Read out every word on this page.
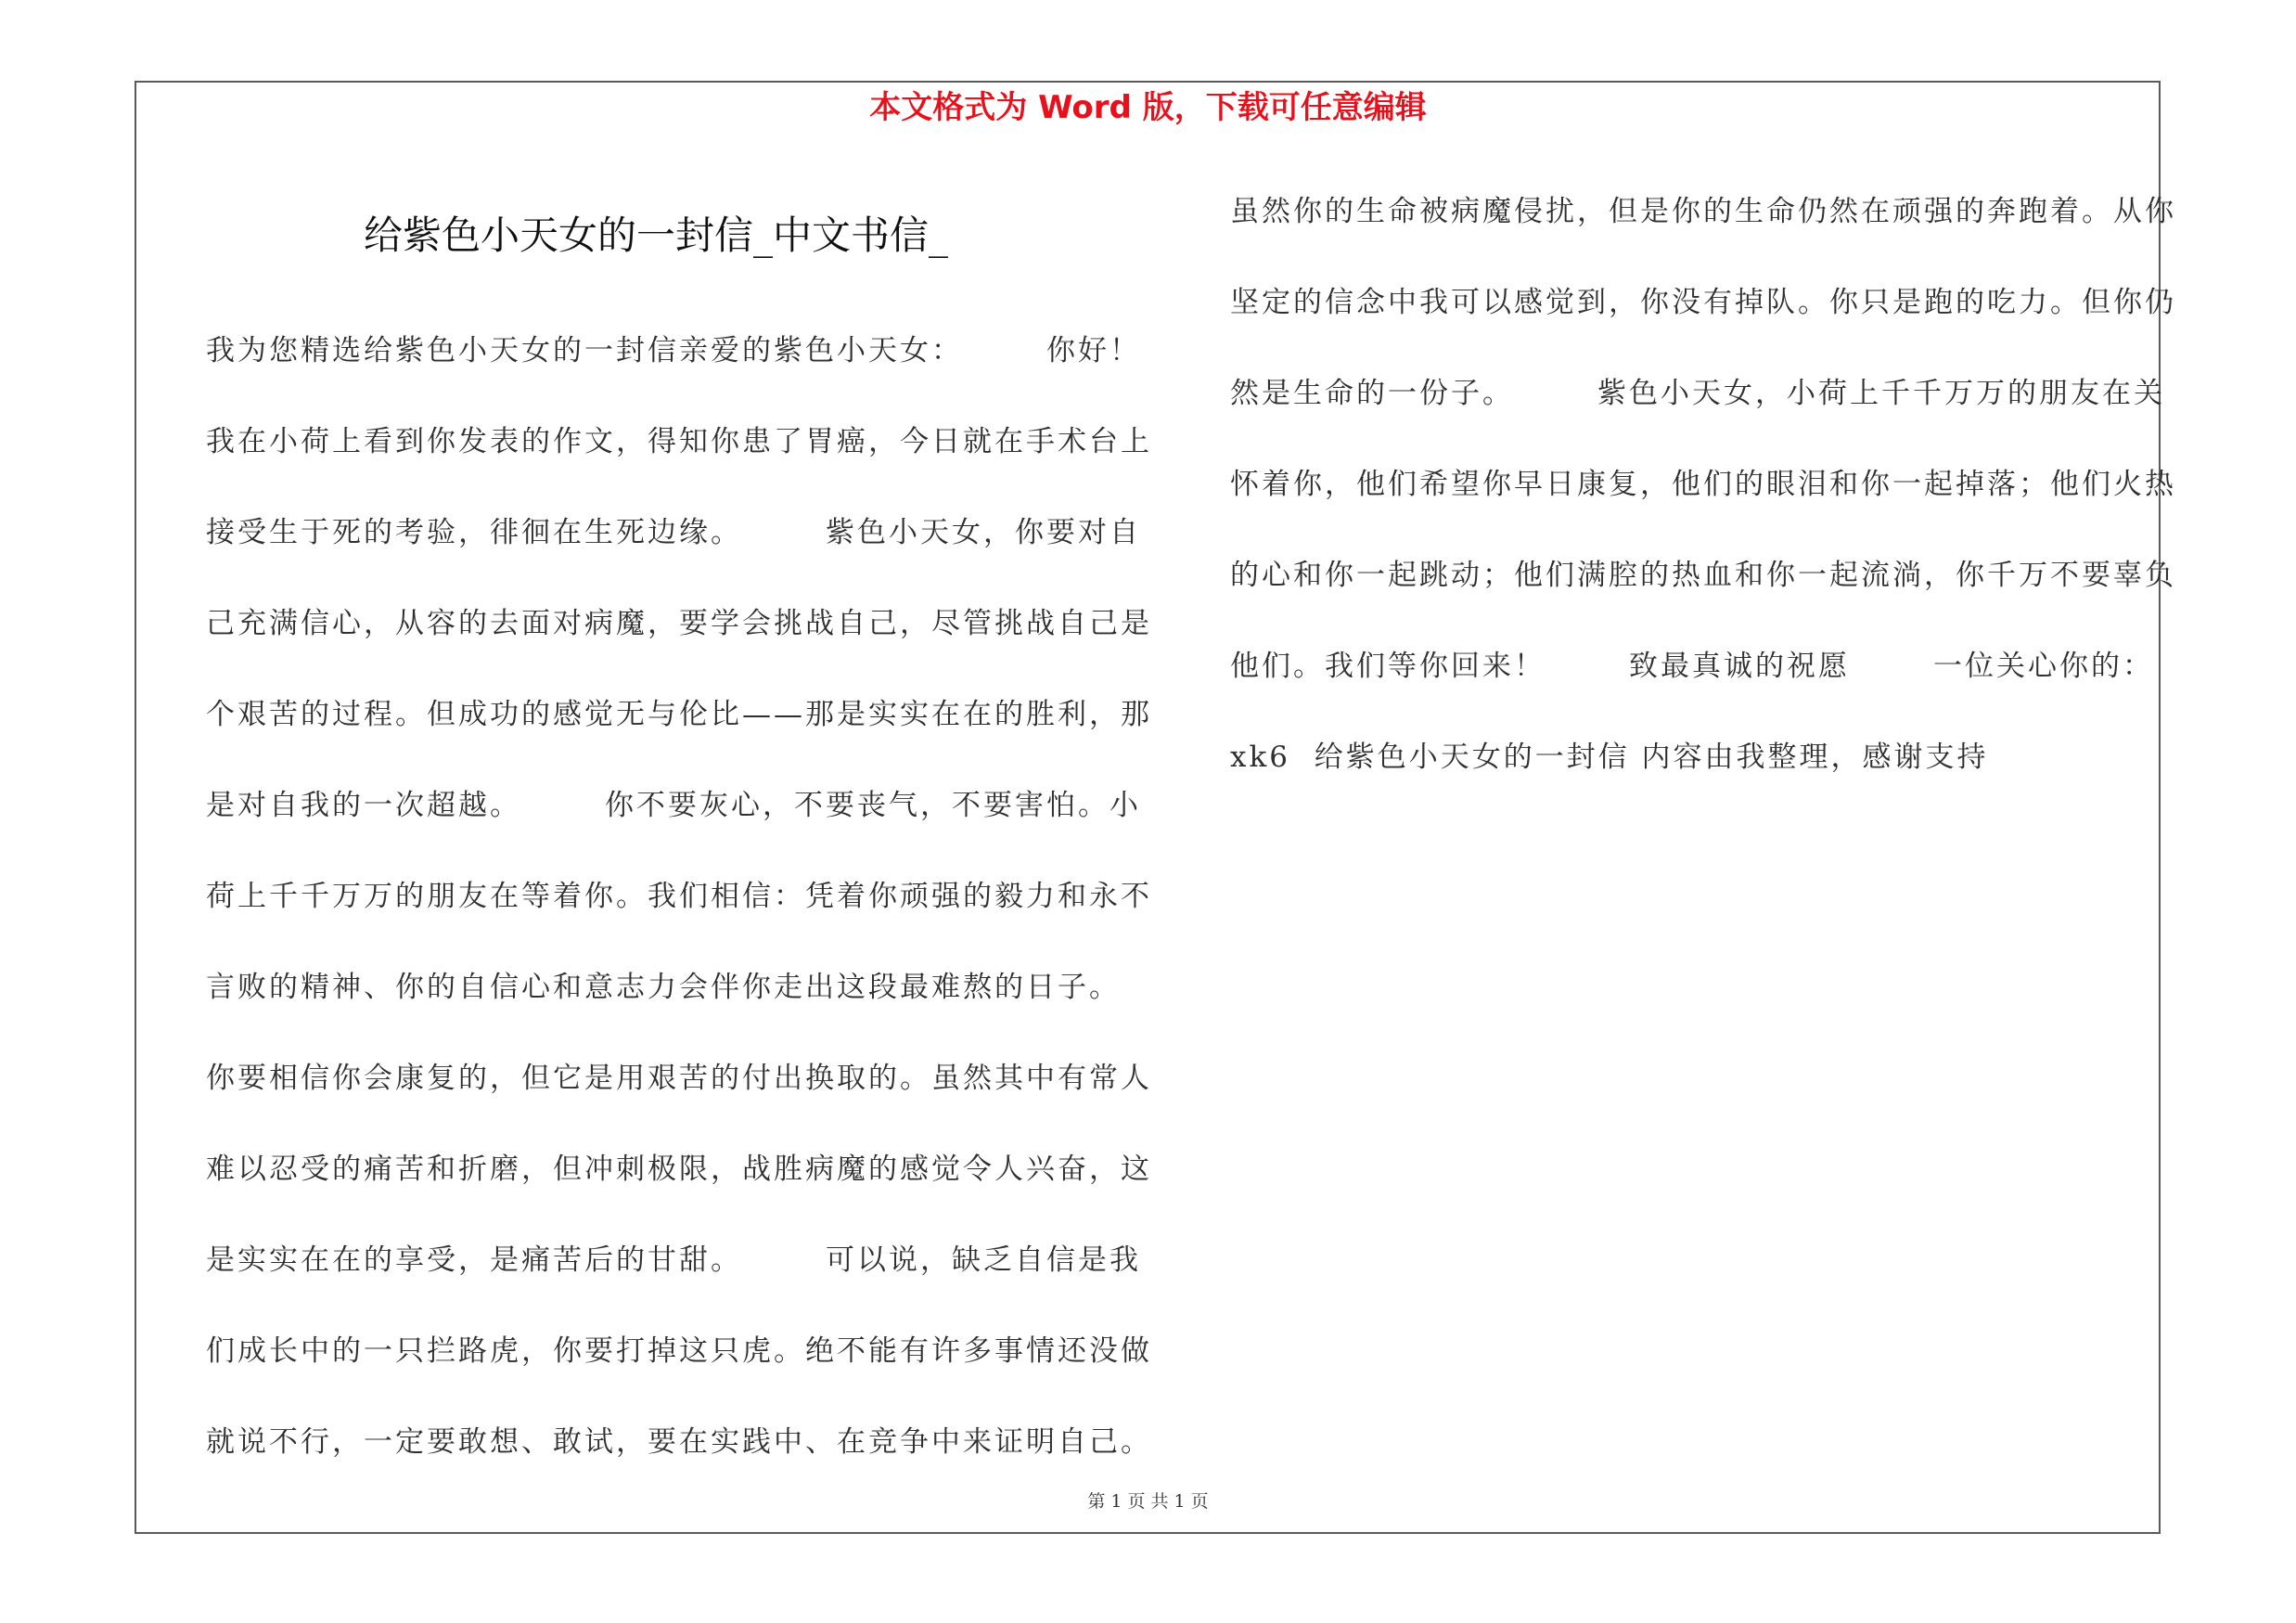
本文格式为 Word 版，下载可任意编辑
给紫色小天女的一封信_中文书信_
我为您精选给紫色小天女的一封信亲爱的紫色小天女：       你好！
我在小荷上看到你发表的作文，得知你患了胃癌，今日就在手术台上
接受生于死的考验，徘徊在生死边缘。       紫色小天女，你要对自
己充满信心，从容的去面对病魔，要学会挑战自己，尽管挑战自己是
个艰苦的过程。但成功的感觉无与伦比——那是实实在在的胜利，那
是对自我的一次超越。       你不要灰心，不要丧气，不要害怕。小
荷上千千万万的朋友在等着你。我们相信：凭着你顽强的毅力和永不
言败的精神、你的自信心和意志力会伴你走出这段最难熬的日子。
你要相信你会康复的，但它是用艰苦的付出换取的。虽然其中有常人
难以忍受的痛苦和折磨，但冲刺极限，战胜病魔的感觉令人兴奋，这
是实实在在的享受，是痛苦后的甘甜。       可以说，缺乏自信是我
们成长中的一只拦路虎，你要打掉这只虎。绝不能有许多事情还没做
就说不行，一定要敢想、敢试，要在实践中、在竞争中来证明自己。
虽然你的生命被病魔侵扰，但是你的生命仍然在顽强的奔跑着。从你
坚定的信念中我可以感觉到，你没有掉队。你只是跑的吃力。但你仍
然是生命的一份子。       紫色小天女，小荷上千千万万的朋友在关
怀着你，他们希望你早日康复，他们的眼泪和你一起掉落；他们火热
的心和你一起跳动；他们满腔的热血和你一起流淌，你千万不要辜负
他们。我们等你回来！       致最真诚的祝愿       一位关心你的：
xk6  给紫色小天女的一封信 内容由我整理，感谢支持
第 1 页 共 1 页
